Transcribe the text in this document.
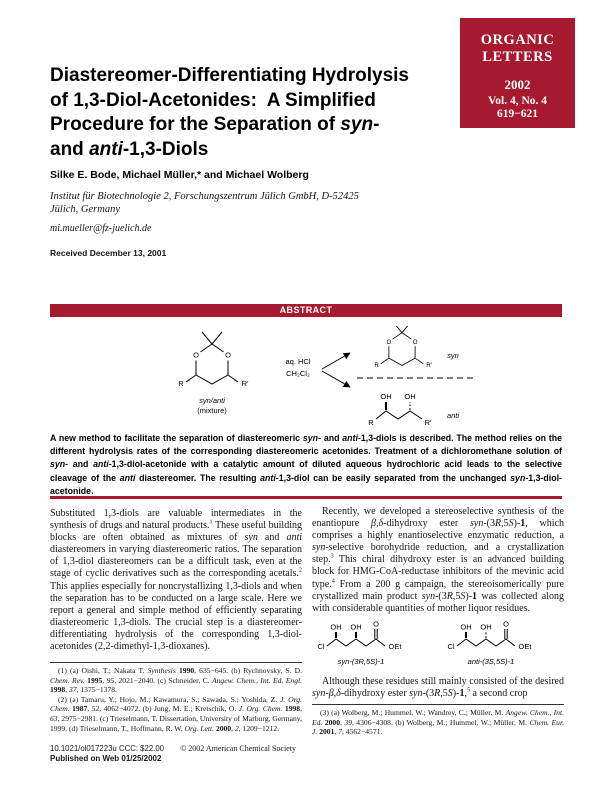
ORGANIC
LETTERS
2002
Vol. 4, No. 4
619−621
Diastereomer-Differentiating Hydrolysis
of 1,3-Diol-Acetonides:  A Simplified
Procedure for the Separation of syn-
and anti-1,3-Diols
Silke E. Bode, Michael Müller,* and Michael Wolberg
Institut für Biotechnologie 2, Forschungszentrum Jülich GmbH, D-52425 Jülich, Germany
mi.mueller@fz-juelich.de
Received December 13, 2001
ABSTRACT
O	O
R	R′
syn/anti
(mixture)
aq. HCl
CH₂Cl₂
O	O
R	R′
syn
R
OH OH
R′
anti
A new method to facilitate the separation of diastereomeric syn- and anti-1,3-diols is described. The method relies on the different hydrolysis rates of the corresponding diastereomeric acetonides. Treatment of a dichloromethane solution of syn- and anti-1,3-diol-acetonide with a catalytic amount of diluted aqueous hydrochloric acid leads to the selective cleavage of the anti diastereomer. The resulting anti-1,3-diol can be easily separated from the unchanged syn-1,3-diol-acetonide.
Substituted 1,3-diols are valuable intermediates in the synthesis of drugs and natural products.$^1$ These useful building blocks are often obtained as mixtures of syn and anti diastereomers in varying diastereomeric ratios. The separation of 1,3-diol diastereomers can be a difficult task, even at the stage of cyclic derivatives such as the corresponding acetals.$^2$ This applies especially for noncrystallizing 1,3-diols and when the separation has to be conducted on a large scale. Here we report a general and simple method of efficiently separating diastereomeric 1,3-diols. The crucial step is a diastereomer-differentiating hydrolysis of the corresponding 1,3-diol-acetonides (2,2-dimethyl-1,3-dioxanes).

(1) (a) Oishi, T.; Nakata T. Synthesis 1990, 635−645. (b) Rychnovsky, S. D. Chem. Rev. 1995, 95, 2021−2040. (c) Schneider, C. Angew. Chem., Int. Ed. Engl. 1998, 37, 1375−1378.

(2) (a) Tamaru, Y.; Hojo, M.; Kawamura, S.; Sawada, S.; Yoshida, Z. J. Org. Chem. 1987, 52, 4062−4072. (b) Jung, M. E.; Kretschik, O. J. Org. Chem. 1998, 63, 2975−2981. (c) Trieselmann, T. Dissertation, University of Marburg, Germany, 1999. (d) Trieselmann, T., Hoffmann, R. W. Org. Lett. 2000, 2, 1209−1212.

10.1021/ol017223u CCC: $22.00 © 2002 American Chemical Society
Published on Web 01/25/2002
Recently, we developed a stereoselective synthesis of the enantiopure β,δ-dihydroxy ester syn-(3R,5S)-1, which comprises a highly enantioselective enzymatic reduction, a syn-selective borohydride reduction, and a crystallization step.$^3$ This chiral dihydroxy ester is an advanced building block for HMG-CoA-reductase inhibitors of the mevinic acid type.$^4$ From a 200 g campaign, the stereoisomerically pure crystallized main product syn-(3R,5S)-1 was collected along with considerable quantities of mother liquor residues.
Cl
OH OH O
OEt
syn-(3R,5S)-1
Cl
OH OH O
OEt
anti-(3S,5S)-1
Although these residues still mainly consisted of the desired syn-β,δ-dihydroxy ester syn-(3R,5S)-1,$^5$ a second crop

(3) (a) Wolberg, M.; Hummel, W.; Wandrey, C.; Müller, M. Angew. Chem., Int. Ed. 2000, 39, 4306−4308. (b) Wolberg, M.; Hummel, W.; Müller, M. Chem. Eur. J. 2001, 7, 4562−4571.
